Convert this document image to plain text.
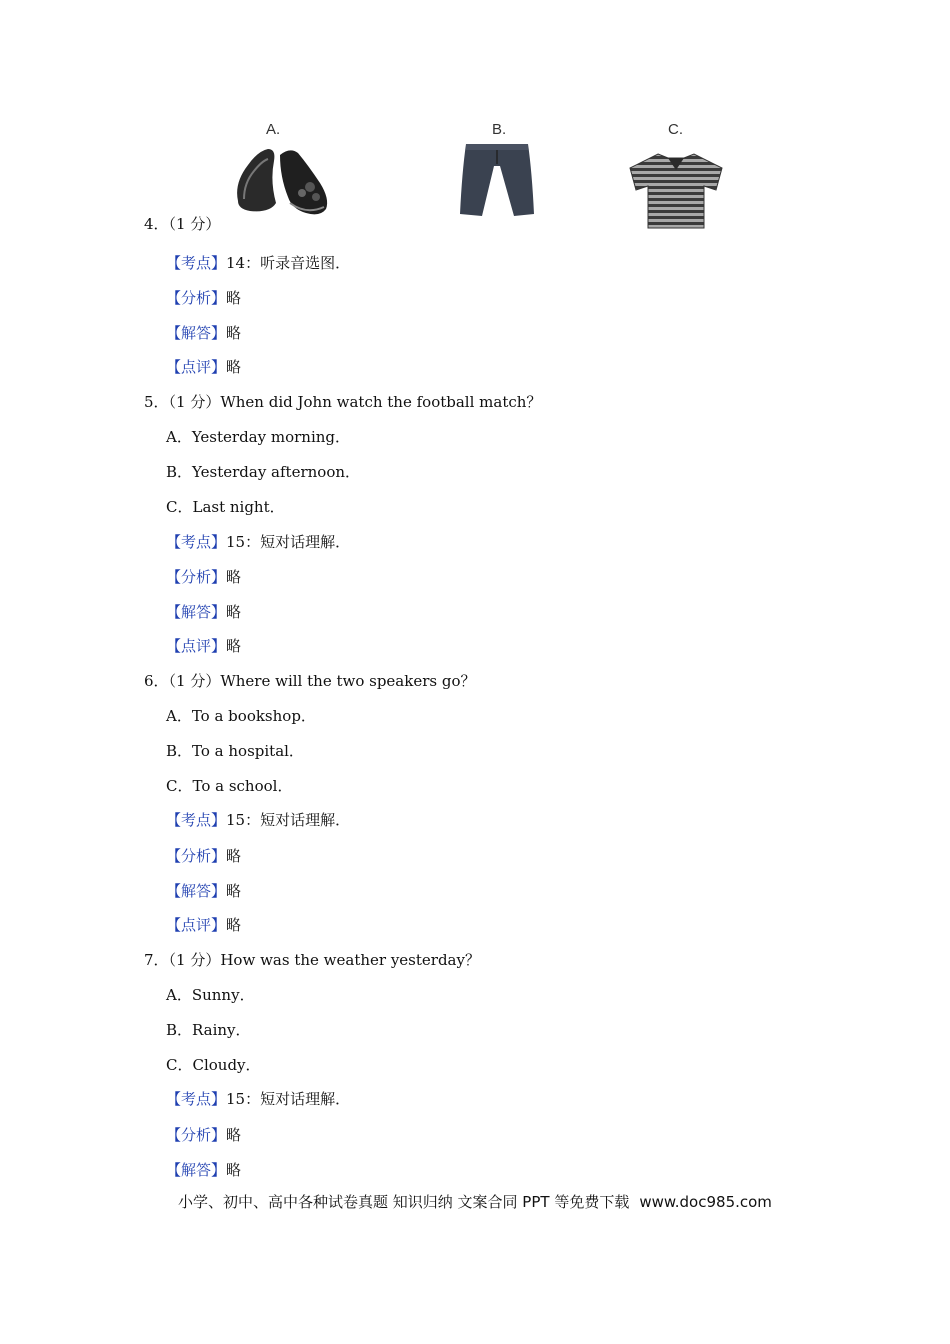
A.	B.	C.
4．（1 分）
【考点】14：听录音选图．
【分析】略
【解答】略
【点评】略
5．（1 分）When did John watch the football match？
A．Yesterday morning．
B．Yesterday afternoon．
C．Last night．
【考点】15：短对话理解．
【分析】略
【解答】略
【点评】略
6．（1 分）Where will the two speakers go？
A．To a bookshop．
B．To a hospital．
C．To a school．
【考点】15：短对话理解．
【分析】略
【解答】略
【点评】略
7．（1 分）How was the weather yesterday？
A．Sunny．
B．Rainy．
C．Cloudy．
【考点】15：短对话理解．
【分析】略
【解答】略
小学、初中、高中各种试卷真题 知识归纳 文案合同 PPT 等免费下载 www.doc985.com
